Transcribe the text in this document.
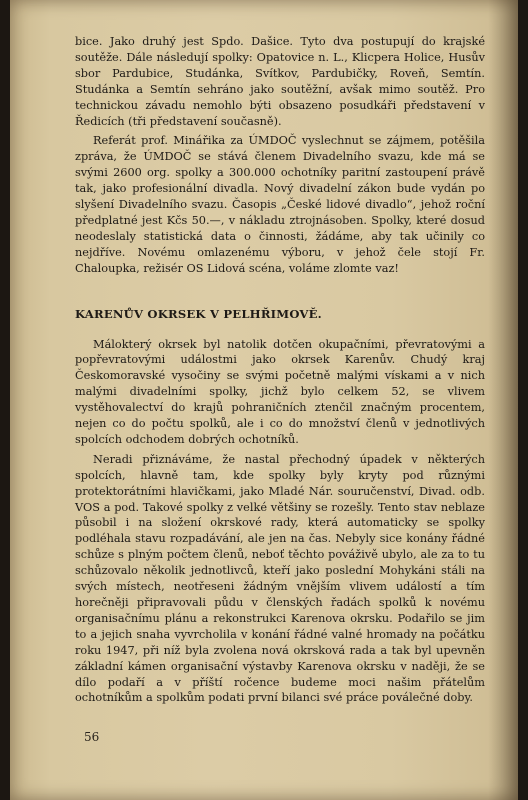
bice. Jako druhý jest Spdo. Dašice. Tyto dva postupují do krajské soutěže. Dále následují spolky: Opatovice n. L., Klicpera Holice, Husův sbor Pardubice, Studánka, Svítkov, Pardubičky, Roveň, Semtín. Studánka a Semtín sehráno jako soutěžní, avšak mimo soutěž. Pro technickou závadu nemohlo býti obsazeno posudkáři představení v Ředicích (tři představení současně).

Referát prof. Minářika za ÚMDOČ vyslechnut se zájmem, potěšila zpráva, že ÚMDOČ se stává členem Divadelního svazu, kde má se svými 2600 org. spolky a 300.000 ochotníky paritní zastoupení právě tak, jako profesionální divadla. Nový divadelní zákon bude vydán po slyšení Divadelního svazu. Časopis „České lidové divadlo“, jehož roční předplatné jest Kčs 50.—, v nákladu ztrojnásoben. Spolky, které dosud neodeslaly statistická data o činnosti, žádáme, aby tak učinily co nejdříve. Novému omlazenému výboru, v jehož čele stojí Fr. Chaloupka, režisér OS Lidová scéna, voláme zlomte vaz!

KARENŮV OKRSEK V PELHŘIMOVĚ.

Málokterý okrsek byl natolik dotčen okupačními, převratovými a popřevratovými událostmi jako okrsek Karenův. Chudý kraj Českomoravské vysočiny se svými početně malými vískami a v nich malými divadelními spolky, jichž bylo celkem 52, se vlivem vystěhovalectví do krajů pohraničních ztenčil značným procentem, nejen co do počtu spolků, ale i co do množství členů v jednotlivých spolcích odchodem dobrých ochotníků.

Neradi přiznáváme, že nastal přechodný úpadek v některých spolcích, hlavně tam, kde spolky byly kryty pod různými protektorátními hlavičkami, jako Mladé Nár. souručenství, Divad. odb. VOS a pod. Takové spolky z velké většiny se rozešly. Tento stav neblaze působil i na složení okrskové rady, která automaticky se spolky podléhala stavu rozpadávání, ale jen na čas. Nebyly sice konány řádné schůze s plným počtem členů, neboť těchto pováživě ubylo, ale za to tu schůzovalo několik jednotlivců, kteří jako poslední Mohykáni stáli na svých místech, neotřeseni žádným vnějším vlivem událostí a tím horečněji připravovali půdu v členských řadách spolků k novému organisačnímu plánu a rekonstrukci Karenova okrsku. Podařilo se jim to a jejich snaha vyvrcholila v konání řádné valné hromady na počátku roku 1947, při níž byla zvolena nová okrsková rada a tak byl upevněn základní kámen organisační výstavby Karenova okrsku v naději, že se dílo podaří a v příští ročence budeme moci našim přátelům ochotníkům a spolkům podati první bilanci své práce poválečné doby.

56
